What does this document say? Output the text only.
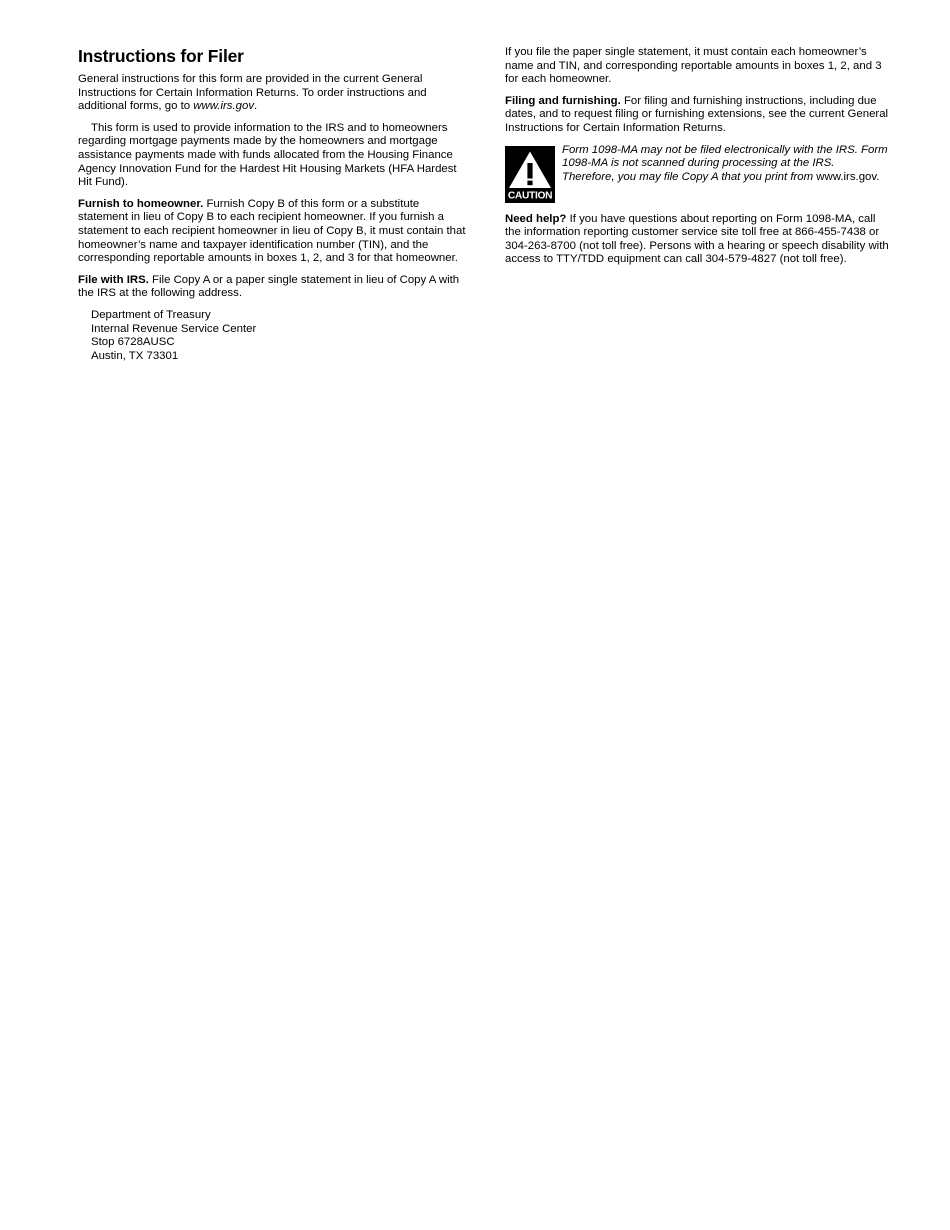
Instructions for Filer

General instructions for this form are provided in the current General Instructions for Certain Information Returns. To order instructions and additional forms, go to www.irs.gov.

This form is used to provide information to the IRS and to homeowners regarding mortgage payments made by the homeowners and mortgage assistance payments made with funds allocated from the Housing Finance Agency Innovation Fund for the Hardest Hit Housing Markets (HFA Hardest Hit Fund).

Furnish to homeowner. Furnish Copy B of this form or a substitute statement in lieu of Copy B to each recipient homeowner. If you furnish a statement to each recipient homeowner in lieu of Copy B, it must contain that homeowner’s name and taxpayer identification number (TIN), and the corresponding reportable amounts in boxes 1, 2, and 3 for that homeowner.

File with IRS. File Copy A or a paper single statement in lieu of Copy A with the IRS at the following address.

Department of Treasury
Internal Revenue Service Center
Stop 6728AUSC
Austin, TX 73301

If you file the paper single statement, it must contain each homeowner’s name and TIN, and corresponding reportable amounts in boxes 1, 2, and 3 for each homeowner.

Filing and furnishing. For filing and furnishing instructions, including due dates, and to request filing or furnishing extensions, see the current General Instructions for Certain Information Returns.

CAUTION

Form 1098-MA may not be filed electronically with the IRS. Form 1098-MA is not scanned during processing at the IRS. Therefore, you may file Copy A that you print from www.irs.gov.

Need help? If you have questions about reporting on Form 1098-MA, call the information reporting customer service site toll free at 866-455-7438 or 304-263-8700 (not toll free). Persons with a hearing or speech disability with access to TTY/TDD equipment can call 304-579-4827 (not toll free).
